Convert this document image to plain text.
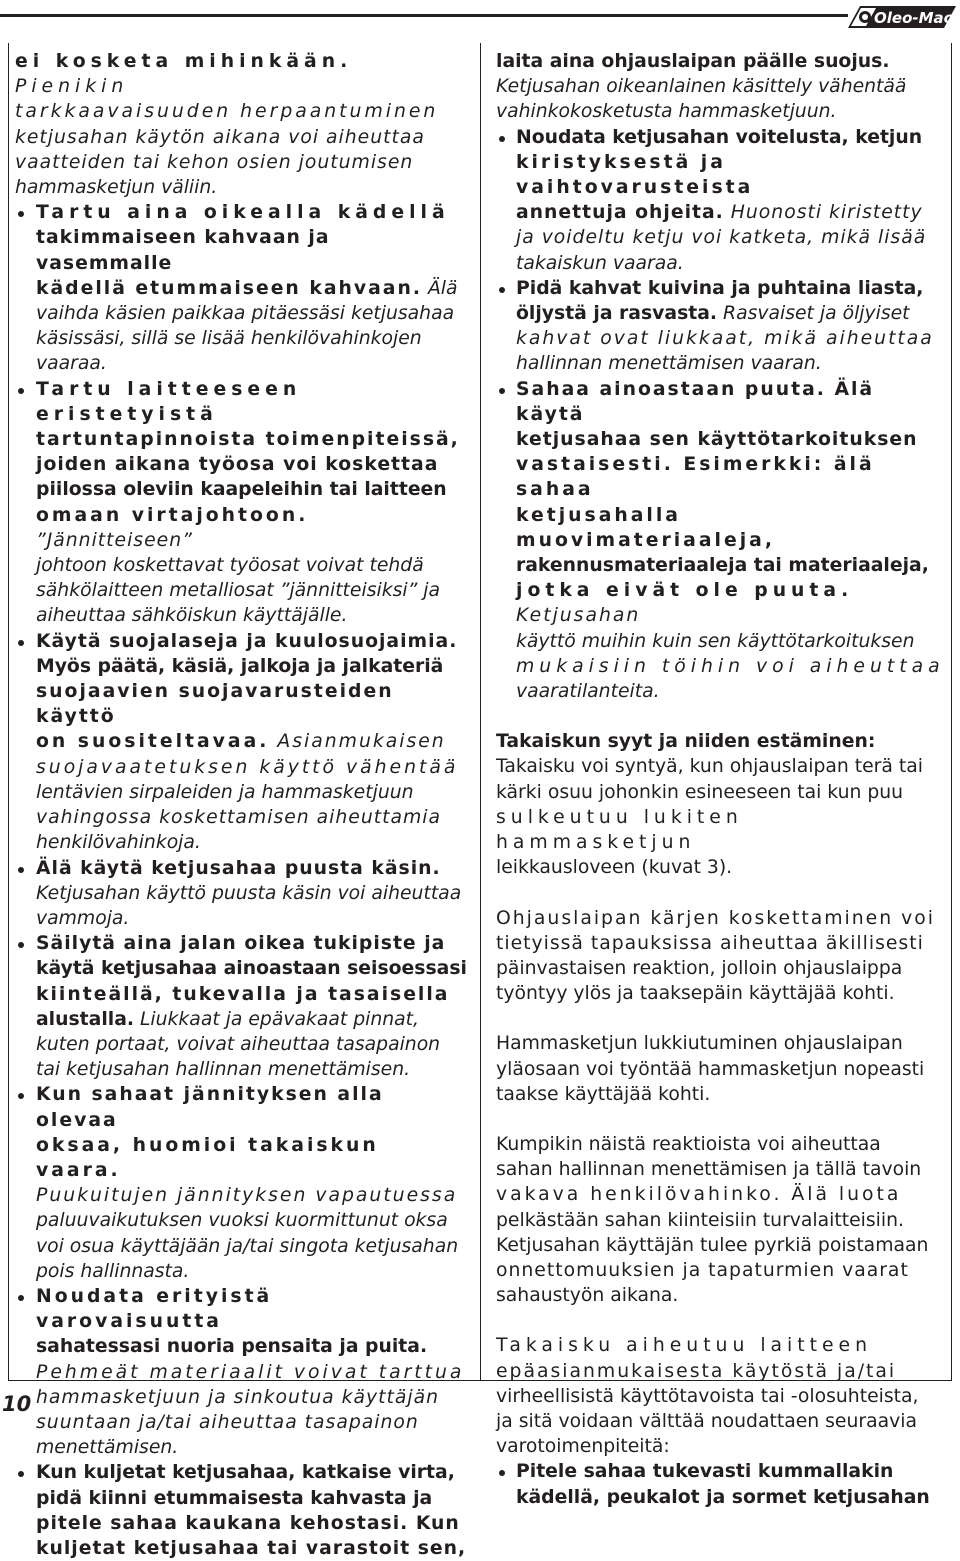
Oleo-Mac
ei kosketa mihinkään. Pienikin
tarkkaavaisuuden herpaantuminen
ketjusahan käytön aikana voi aiheuttaa
vaatteiden tai kehon osien joutumisen
hammasketjun väliin.
Tartu aina oikealla kädellä
takimmaiseen kahvaan ja vasemmalle
kädellä etummaiseen kahvaan. Älä
vaihda käsien paikkaa pitäessäsi ketjusahaa
käsissäsi, sillä se lisää henkilövahinkojen
vaaraa.
Tartu laitteeseen eristetyistä
tartuntapinnoista toimenpiteissä,
joiden aikana työosa voi koskettaa
piilossa oleviin kaapeleihin tai laitteen
omaan virtajohtoon. ”Jännitteiseen”
johtoon koskettavat työosat voivat tehdä
sähkölaitteen metalliosat ”jännitteisiksi” ja
aiheuttaa sähköiskun käyttäjälle.
Käytä suojalaseja ja kuulosuojaimia.
Myös päätä, käsiä, jalkoja ja jalkateriä
suojaavien suojavarusteiden käyttö
on suositeltavaa. Asianmukaisen
suojavaatetuksen käyttö vähentää
lentävien sirpaleiden ja hammasketjuun
vahingossa koskettamisen aiheuttamia
henkilövahinkoja.
Älä käytä ketjusahaa puusta käsin.
Ketjusahan käyttö puusta käsin voi aiheuttaa
vammoja.
Säilytä aina jalan oikea tukipiste ja
käytä ketjusahaa ainoastaan seisoessasi
kiinteällä, tukevalla ja tasaisella
alustalla. Liukkaat ja epävakaat pinnat,
kuten portaat, voivat aiheuttaa tasapainon
tai ketjusahan hallinnan menettämisen.
Kun sahaat jännityksen alla olevaa
oksaa, huomioi takaiskun vaara.
Puukuitujen jännityksen vapautuessa
paluuvaikutuksen vuoksi kuormittunut oksa
voi osua käyttäjään ja/tai singota ketjusahan
pois hallinnasta.
Noudata erityistä varovaisuutta
sahatessasi nuoria pensaita ja puita.
Pehmeät materiaalit voivat tarttua
hammasketjuun ja sinkoutua käyttäjän
suuntaan ja/tai aiheuttaa tasapainon
menettämisen.
Kun kuljetat ketjusahaa, katkaise virta,
pidä kiinni etummaisesta kahvasta ja
pitele sahaa kaukana kehostasi. Kun
kuljetat ketjusahaa tai varastoit sen,
laita aina ohjauslaipan päälle suojus.
Ketjusahan oikeanlainen käsittely vähentää
vahinkokosketusta hammasketjuun.
Noudata ketjusahan voitelusta, ketjun
kiristyksestä ja vaihtovarusteista
annettuja ohjeita. Huonosti kiristetty
ja voideltu ketju voi katketa, mikä lisää
takaiskun vaaraa.
Pidä kahvat kuivina ja puhtaina liasta,
öljystä ja rasvasta. Rasvaiset ja öljyiset
kahvat ovat liukkaat, mikä aiheuttaa
hallinnan menettämisen vaaran.
Sahaa ainoastaan puuta. Älä käytä
ketjusahaa sen käyttötarkoituksen
vastaisesti. Esimerkki: älä sahaa
ketjusahalla muovimateriaaleja,
rakennusmateriaaleja tai materiaaleja,
jotka eivät ole puuta. Ketjusahan
käyttö muihin kuin sen käyttötarkoituksen
mukaisiin töihin voi aiheuttaa
vaaratilanteita.
Takaiskun syyt ja niiden estäminen:
Takaisku voi syntyä, kun ohjauslaipan terä tai
kärki osuu johonkin esineeseen tai kun puu
sulkeutuu lukiten hammasketjun
leikkausloveen (kuvat 3).
Ohjauslaipan kärjen koskettaminen voi
tietyissä tapauksissa aiheuttaa äkillisesti
päinvastaisen reaktion, jolloin ohjauslaippa
työntyy ylös ja taaksepäin käyttäjää kohti.
Hammasketjun lukkiutuminen ohjauslaipan
yläosaan voi työntää hammasketjun nopeasti
taakse käyttäjää kohti.
Kumpikin näistä reaktioista voi aiheuttaa
sahan hallinnan menettämisen ja tällä tavoin
vakava henkilövahinko. Älä luota
pelkästään sahan kiinteisiin turvalaitteisiin.
Ketjusahan käyttäjän tulee pyrkiä poistamaan
onnettomuuksien ja tapaturmien vaarat
sahaustyön aikana.
Takaisku aiheutuu laitteen
epäasianmukaisesta käytöstä ja/tai
virheellisistä käyttötavoista tai -olosuhteista,
ja sitä voidaan välttää noudattaen seuraavia
varotoimenpiteitä:
Pitele sahaa tukevasti kummallakin
kädellä, peukalot ja sormet ketjusahan
10
